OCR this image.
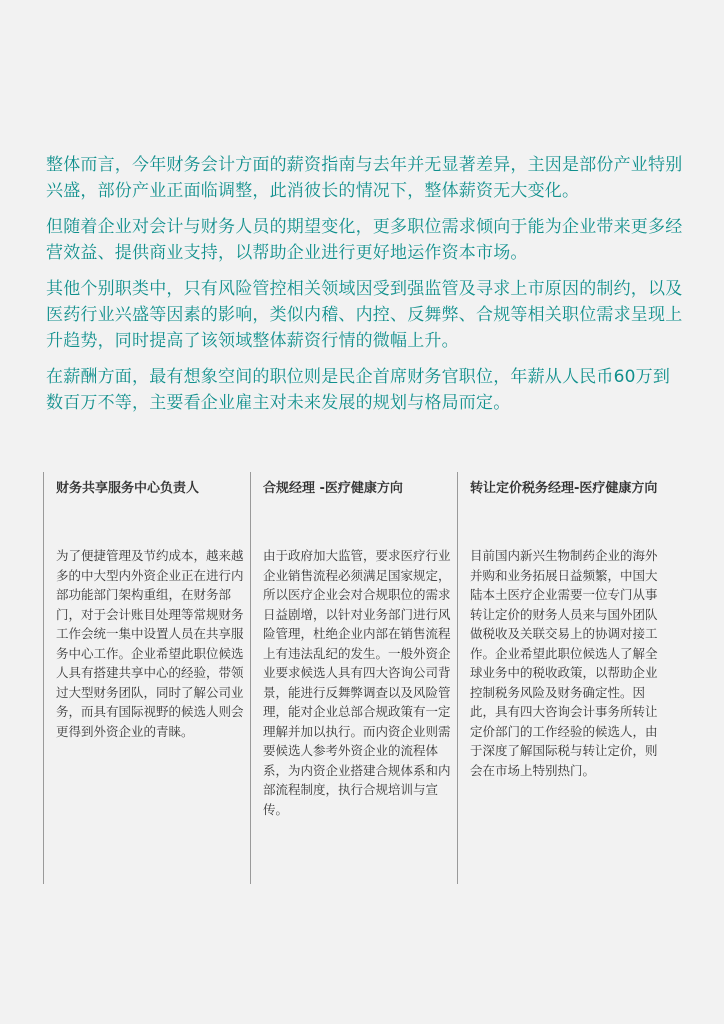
整体而言，今年财务会计方面的薪资指南与去年并无显著差异，主因是部份产业特别兴盛，部份产业正面临调整，此消彼长的情况下，整体薪资无大变化。

但随着企业对会计与财务人员的期望变化，更多职位需求倾向于能为企业带来更多经营效益、提供商业支持，以帮助企业进行更好地运作资本市场。

其他个别职类中，只有风险管控相关领域因受到强监管及寻求上市原因的制约，以及医药行业兴盛等因素的影响，类似内稽、内控、反舞弊、合规等相关职位需求呈现上升趋势，同时提高了该领域整体薪资行情的微幅上升。

在薪酬方面，最有想象空间的职位则是民企首席财务官职位，年薪从人民币60万到数百万不等，主要看企业雇主对未来发展的规划与格局而定。

财务共享服务中心负责人
为了便捷管理及节约成本，越来越多的中大型内外资企业正在进行内部功能部门架构重组，在财务部门，对于会计账目处理等常规财务工作会统一集中设置人员在共享服务中心工作。企业希望此职位候选人具有搭建共享中心的经验，带领过大型财务团队，同时了解公司业务，而具有国际视野的候选人则会更得到外资企业的青睐。
合规经理 -医疗健康方向
由于政府加大监管，要求医疗行业企业销售流程必须满足国家规定，所以医疗企业会对合规职位的需求日益剧增，以针对业务部门进行风险管理，杜绝企业内部在销售流程上有违法乱纪的发生。一般外资企业要求候选人具有四大咨询公司背景，能进行反舞弊调查以及风险管理，能对企业总部合规政策有一定理解并加以执行。而内资企业则需要候选人参考外资企业的流程体系，为内资企业搭建合规体系和内部流程制度，执行合规培训与宣传。
转让定价税务经理-医疗健康方向
目前国内新兴生物制药企业的海外并购和业务拓展日益频繁，中国大陆本土医疗企业需要一位专门从事转让定价的财务人员来与国外团队做税收及关联交易上的协调对接工作。企业希望此职位候选人了解全球业务中的税收政策，以帮助企业控制税务风险及财务确定性。因此，具有四大咨询会计事务所转让定价部门的工作经验的候选人，由于深度了解国际税与转让定价，则会在市场上特别热门。
